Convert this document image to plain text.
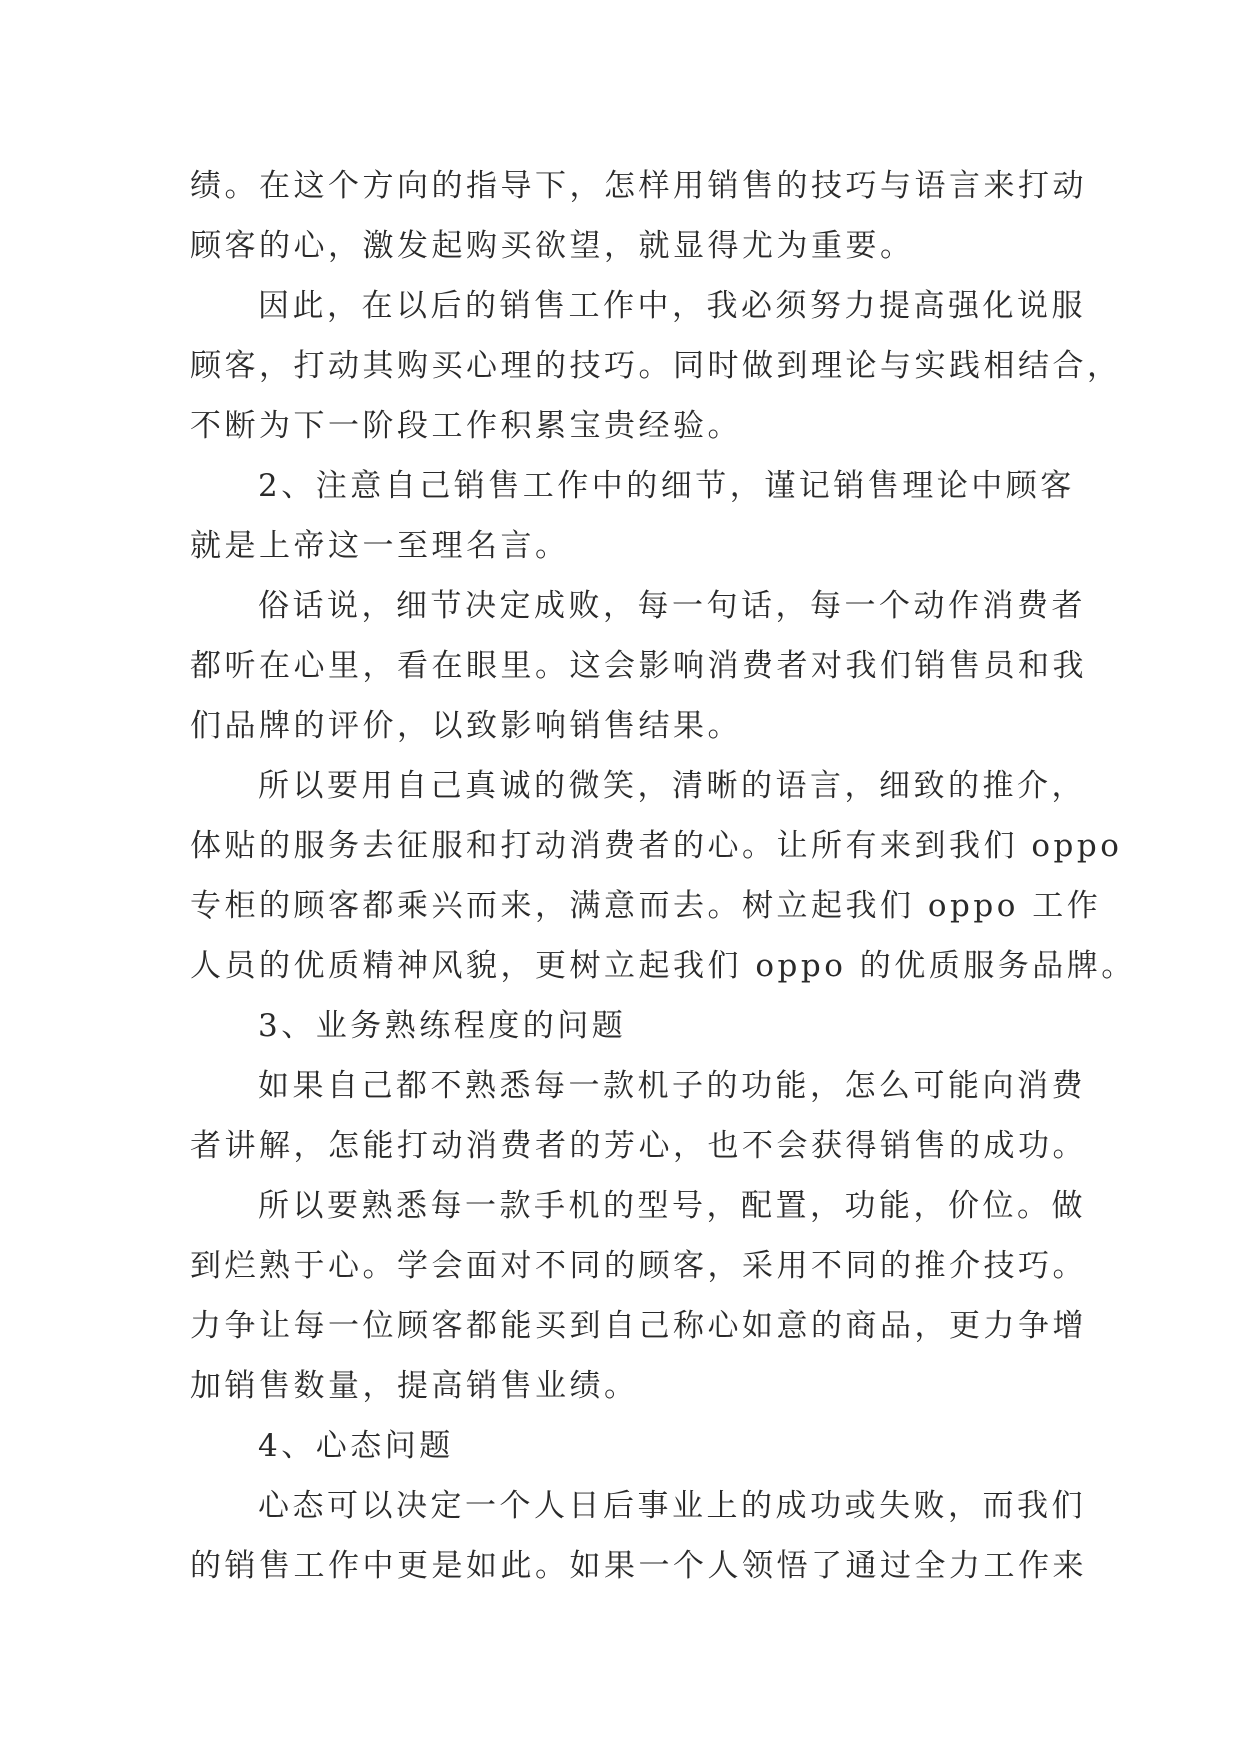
绩。在这个方向的指导下，怎样用销售的技巧与语言来打动
顾客的心，激发起购买欲望，就显得尤为重要。
因此，在以后的销售工作中，我必须努力提高强化说服
顾客，打动其购买心理的技巧。同时做到理论与实践相结合，
不断为下一阶段工作积累宝贵经验。
2、注意自己销售工作中的细节，谨记销售理论中顾客
就是上帝这一至理名言。
俗话说，细节决定成败，每一句话，每一个动作消费者
都听在心里，看在眼里。这会影响消费者对我们销售员和我
们品牌的评价，以致影响销售结果。
所以要用自己真诚的微笑，清晰的语言，细致的推介，
体贴的服务去征服和打动消费者的心。让所有来到我们 oppo
专柜的顾客都乘兴而来，满意而去。树立起我们 oppo 工作
人员的优质精神风貌，更树立起我们 oppo 的优质服务品牌。
3、业务熟练程度的问题
如果自己都不熟悉每一款机子的功能，怎么可能向消费
者讲解，怎能打动消费者的芳心，也不会获得销售的成功。
所以要熟悉每一款手机的型号，配置，功能，价位。做
到烂熟于心。学会面对不同的顾客，采用不同的推介技巧。
力争让每一位顾客都能买到自己称心如意的商品，更力争增
加销售数量，提高销售业绩。
4、心态问题
心态可以决定一个人日后事业上的成功或失败，而我们
的销售工作中更是如此。如果一个人领悟了通过全力工作来
